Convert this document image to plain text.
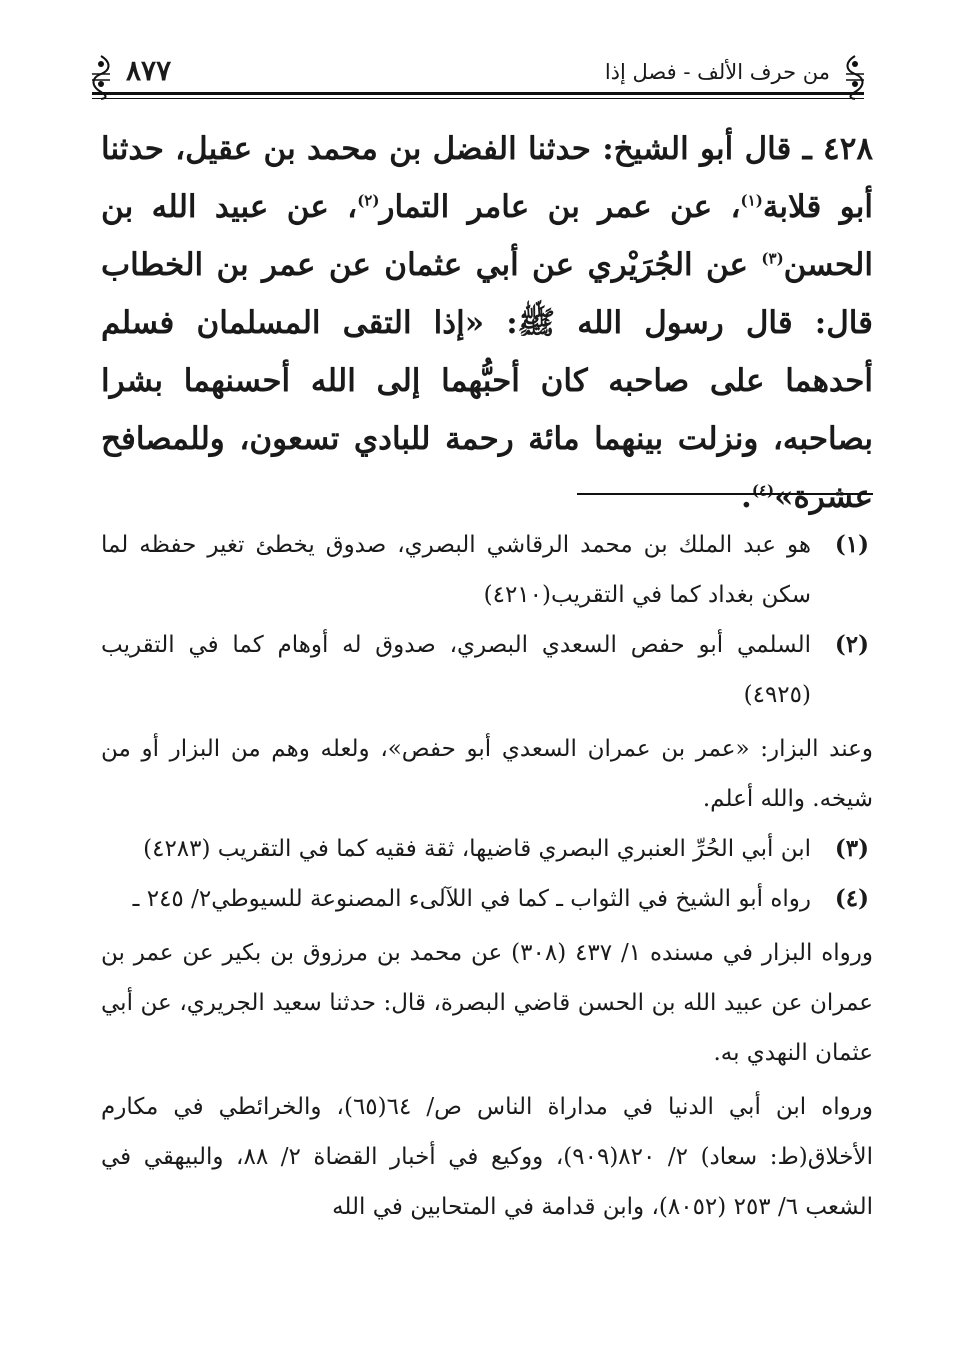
من حرف الألف - فصل إذا
٨٧٧

٤٢٨ ـ قال أبو الشيخ: حدثنا الفضل بن محمد بن عقيل، حدثنا أبو قلابة$^{(١)}$، عن عمر بن عامر التمار$^{(٢)}$، عن عبيد الله بن الحسن$^{(٣)}$ عن الجُرَيْري عن أبي عثمان عن عمر بن الخطاب قال: قال رسول الله ﷺ: «إذا التقى المسلمان فسلم أحدهما على صاحبه كان أحبُّهما إلى الله أحسنهما بشرا بصاحبه، ونزلت بينهما مائة رحمة للبادي تسعون، وللمصافح عشرة»$^{(٤)}$.

(١)
هو عبد الملك بن محمد الرقاشي البصري، صدوق يخطئ تغير حفظه لما سكن بغداد كما في التقريب(٤٢١٠)
(٢)
السلمي أبو حفص السعدي البصري، صدوق له أوهام كما في التقريب (٤٩٢٥)
وعند البزار: «عمر بن عمران السعدي أبو حفص»، ولعله وهم من البزار أو من شيخه. والله أعلم.
(٣)
ابن أبي الحُرِّ العنبري البصري قاضيها، ثقة فقيه كما في التقريب (٤٢٨٣)
(٤)
رواه أبو الشيخ في الثواب ـ كما في اللآلىء المصنوعة للسيوطي٢/ ٢٤٥ ـ
ورواه البزار في مسنده ١/ ٤٣٧ (٣٠٨) عن محمد بن مرزوق بن بكير عن عمر بن عمران عن عبيد الله بن الحسن قاضي البصرة، قال: حدثنا سعيد الجريري، عن أبي عثمان النهدي به.
ورواه ابن أبي الدنيا في مداراة الناس ص/ ٦٤(٦٥)، والخرائطي في مكارم الأخلاق(ط: سعاد) ٢/ ٨٢٠(٩٠٩)، ووكيع في أخبار القضاة ٢/ ٨٨، والبيهقي في الشعب ٦/ ٢٥٣ (٨٠٥٢)، وابن قدامة في المتحابين في الله
